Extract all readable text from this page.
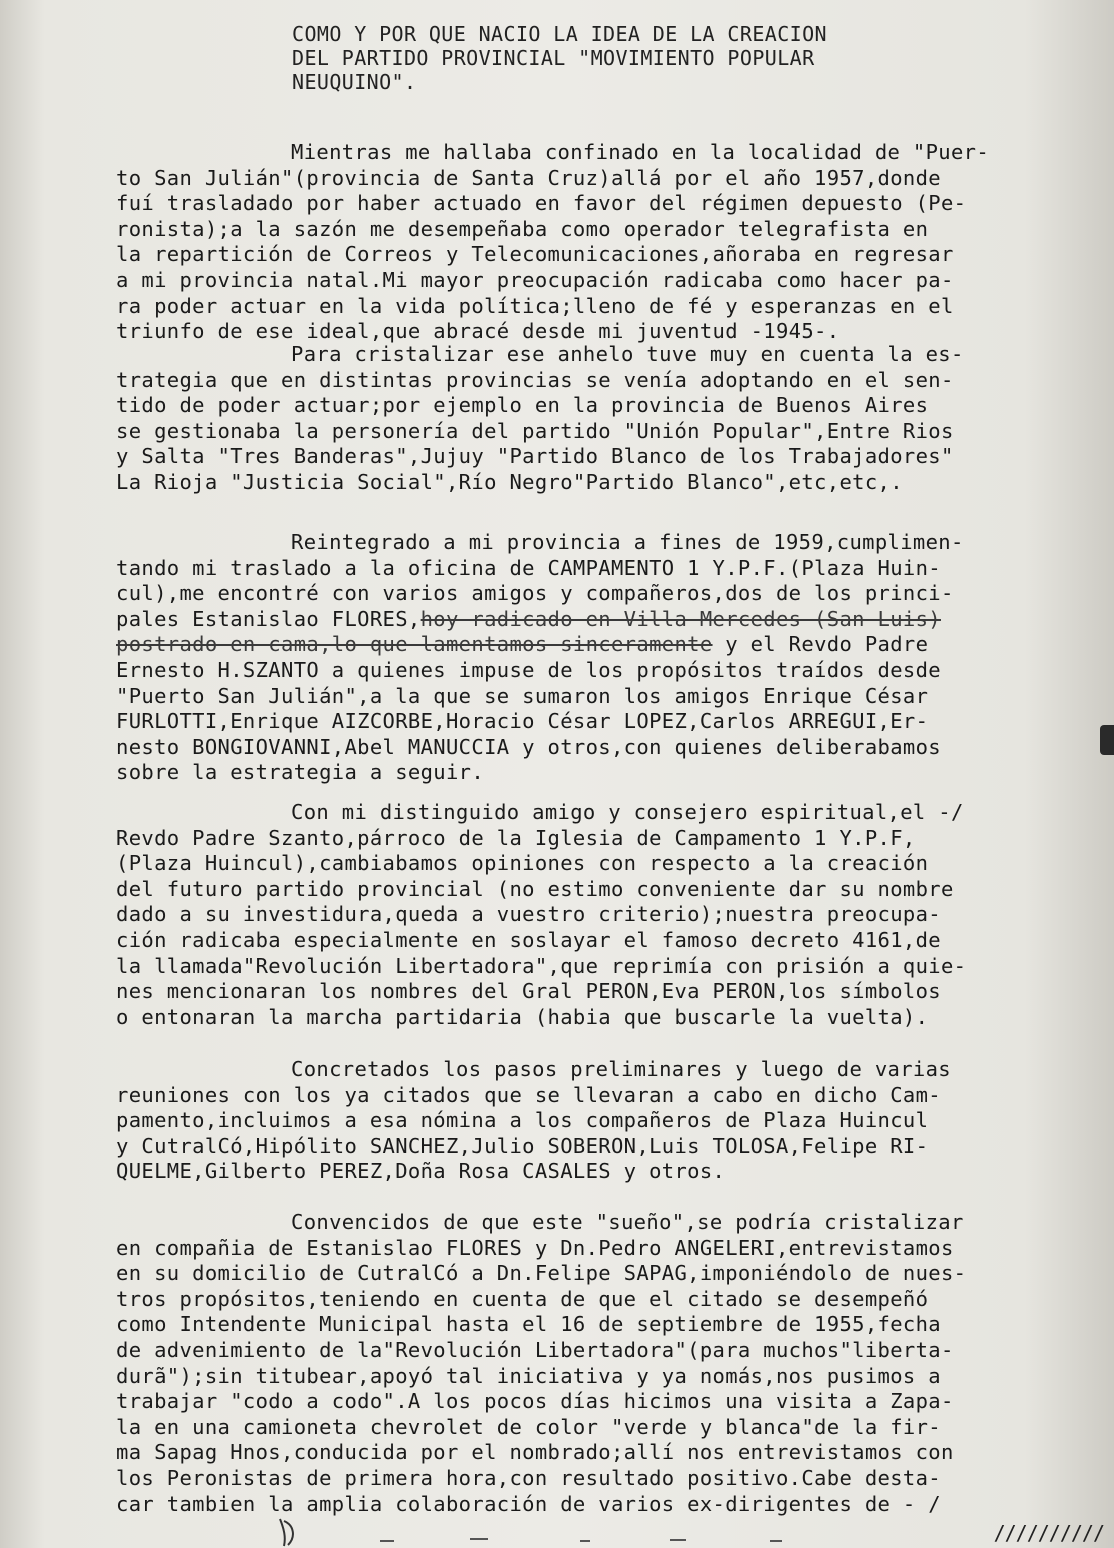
COMO Y POR QUE NACIO LA IDEA DE LA CREACION
DEL PARTIDO PROVINCIAL "MOVIMIENTO POPULAR
NEUQUINO".
Mientras me hallaba confinado en la localidad de "Puer-
to San Julián"(provincia de Santa Cruz)allá por el año 1957,donde
fuí trasladado por haber actuado en favor del régimen depuesto (Pe-
ronista);a la sazón me desempeñaba como operador telegrafista en
la repartición de Correos y Telecomunicaciones,añoraba en regresar
a mi provincia natal.Mi mayor preocupación radicaba como hacer pa-
ra poder actuar en la vida política;lleno de fé y esperanzas en el
triunfo de ese ideal,que abracé desde mi juventud -1945-.
Para cristalizar ese anhelo tuve muy en cuenta la es-
trategia que en distintas provincias se venía adoptando en el sen-
tido de poder actuar;por ejemplo en la provincia de Buenos Aires
se gestionaba la personería del partido "Unión Popular",Entre Rios
y Salta "Tres Banderas",Jujuy "Partido Blanco de los Trabajadores"
La Rioja "Justicia Social",Río Negro"Partido Blanco",etc,etc,.
Reintegrado a mi provincia a fines de 1959,cumplimen-
tando mi traslado a la oficina de CAMPAMENTO 1 Y.P.F.(Plaza Huin-
cul),me encontré con varios amigos y compañeros,dos de los princi-
pales Estanislao FLORES,hoy radicado en Villa Mercedes (San Luis)
postrado en cama,lo que lamentamos sinceramente y el Revdo Padre
Ernesto H.SZANTO a quienes impuse de los propósitos traídos desde
"Puerto San Julián",a la que se sumaron los amigos Enrique César
FURLOTTI,Enrique AIZCORBE,Horacio César LOPEZ,Carlos ARREGUI,Er-
nesto BONGIOVANNI,Abel MANUCCIA y otros,con quienes deliberabamos
sobre la estrategia a seguir.
Con mi distinguido amigo y consejero espiritual,el -/
Revdo Padre Szanto,párroco de la Iglesia de Campamento 1 Y.P.F,
(Plaza Huincul),cambiabamos opiniones con respecto a la creación
del futuro partido provincial (no estimo conveniente dar su nombre
dado a su investidura,queda a vuestro criterio);nuestra preocupa-
ción radicaba especialmente en soslayar el famoso decreto 4161,de
la llamada"Revolución Libertadora",que reprimía con prisión a quie-
nes mencionaran los nombres del Gral PERON,Eva PERON,los símbolos
o entonaran la marcha partidaria (habia que buscarle la vuelta).
Concretados los pasos preliminares y luego de varias
reuniones con los ya citados que se llevaran a cabo en dicho Cam-
pamento,incluimos a esa nómina a los compañeros de Plaza Huincul
y CutralCó,Hipólito SANCHEZ,Julio SOBERON,Luis TOLOSA,Felipe RI-
QUELME,Gilberto PEREZ,Doña Rosa CASALES y otros.
Convencidos de que este "sueño",se podría cristalizar
en compañia de Estanislao FLORES y Dn.Pedro ANGELERI,entrevistamos
en su domicilio de CutralCó a Dn.Felipe SAPAG,imponiéndolo de nues-
tros propósitos,teniendo en cuenta de que el citado se desempeñó
como Intendente Municipal hasta el 16 de septiembre de 1955,fecha
de advenimiento de la"Revolución Libertadora"(para muchos"liberta-
durã");sin titubear,apoyó tal iniciativa y ya nomás,nos pusimos a
trabajar "codo a codo".A los pocos días hicimos una visita a Zapa-
la en una camioneta chevrolet de color "verde y blanca"de la fir-
ma Sapag Hnos,conducida por el nombrado;allí nos entrevistamos con
los Peronistas de primera hora,con resultado positivo.Cabe desta-
car tambien la amplia colaboración de varios ex-dirigentes de - /
//////////
